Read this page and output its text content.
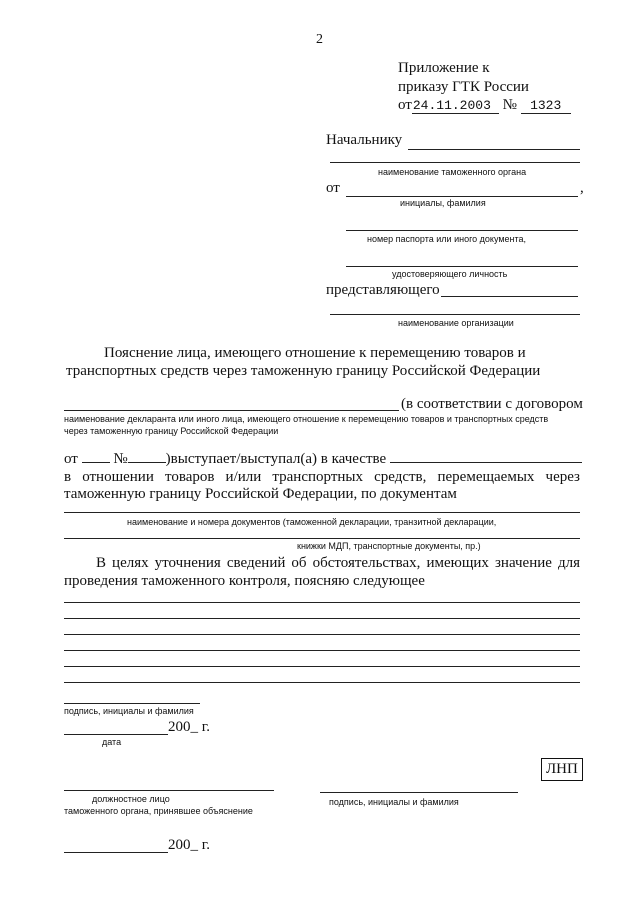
2
Приложение к
приказу ГТК России
от24.11.2003 № 1323
Начальнику
наименование таможенного органа
от	,
инициалы, фамилия
номер паспорта или иного документа,
удостоверяющего личность
представляющего
наименование организации
Пояснение лица, имеющего отношение к перемещению товаров и
транспортных средств через таможенную границу Российской Федерации
(в соответствии с договором
наименование декларанта или иного лица, имеющего отношение к перемещению товаров и транспортных средств
через таможенную границу Российской Федерации
от №	)выступает/выступал(а) в качестве
в отношении товаров и/или транспортных средств, перемещаемых через
таможенную границу Российской Федерации, по документам
наименование и номера документов (таможенной декларации, транзитной декларации,
книжки МДП, транспортные документы, пр.)
В целях уточнения сведений об обстоятельствах, имеющих значение для
проведения таможенного контроля, поясняю следующее
подпись, инициалы и фамилия
200_ г.
дата
ЛНП
должностное лицо
таможенного органа, принявшее объяснение
подпись, инициалы и фамилия
200_ г.
